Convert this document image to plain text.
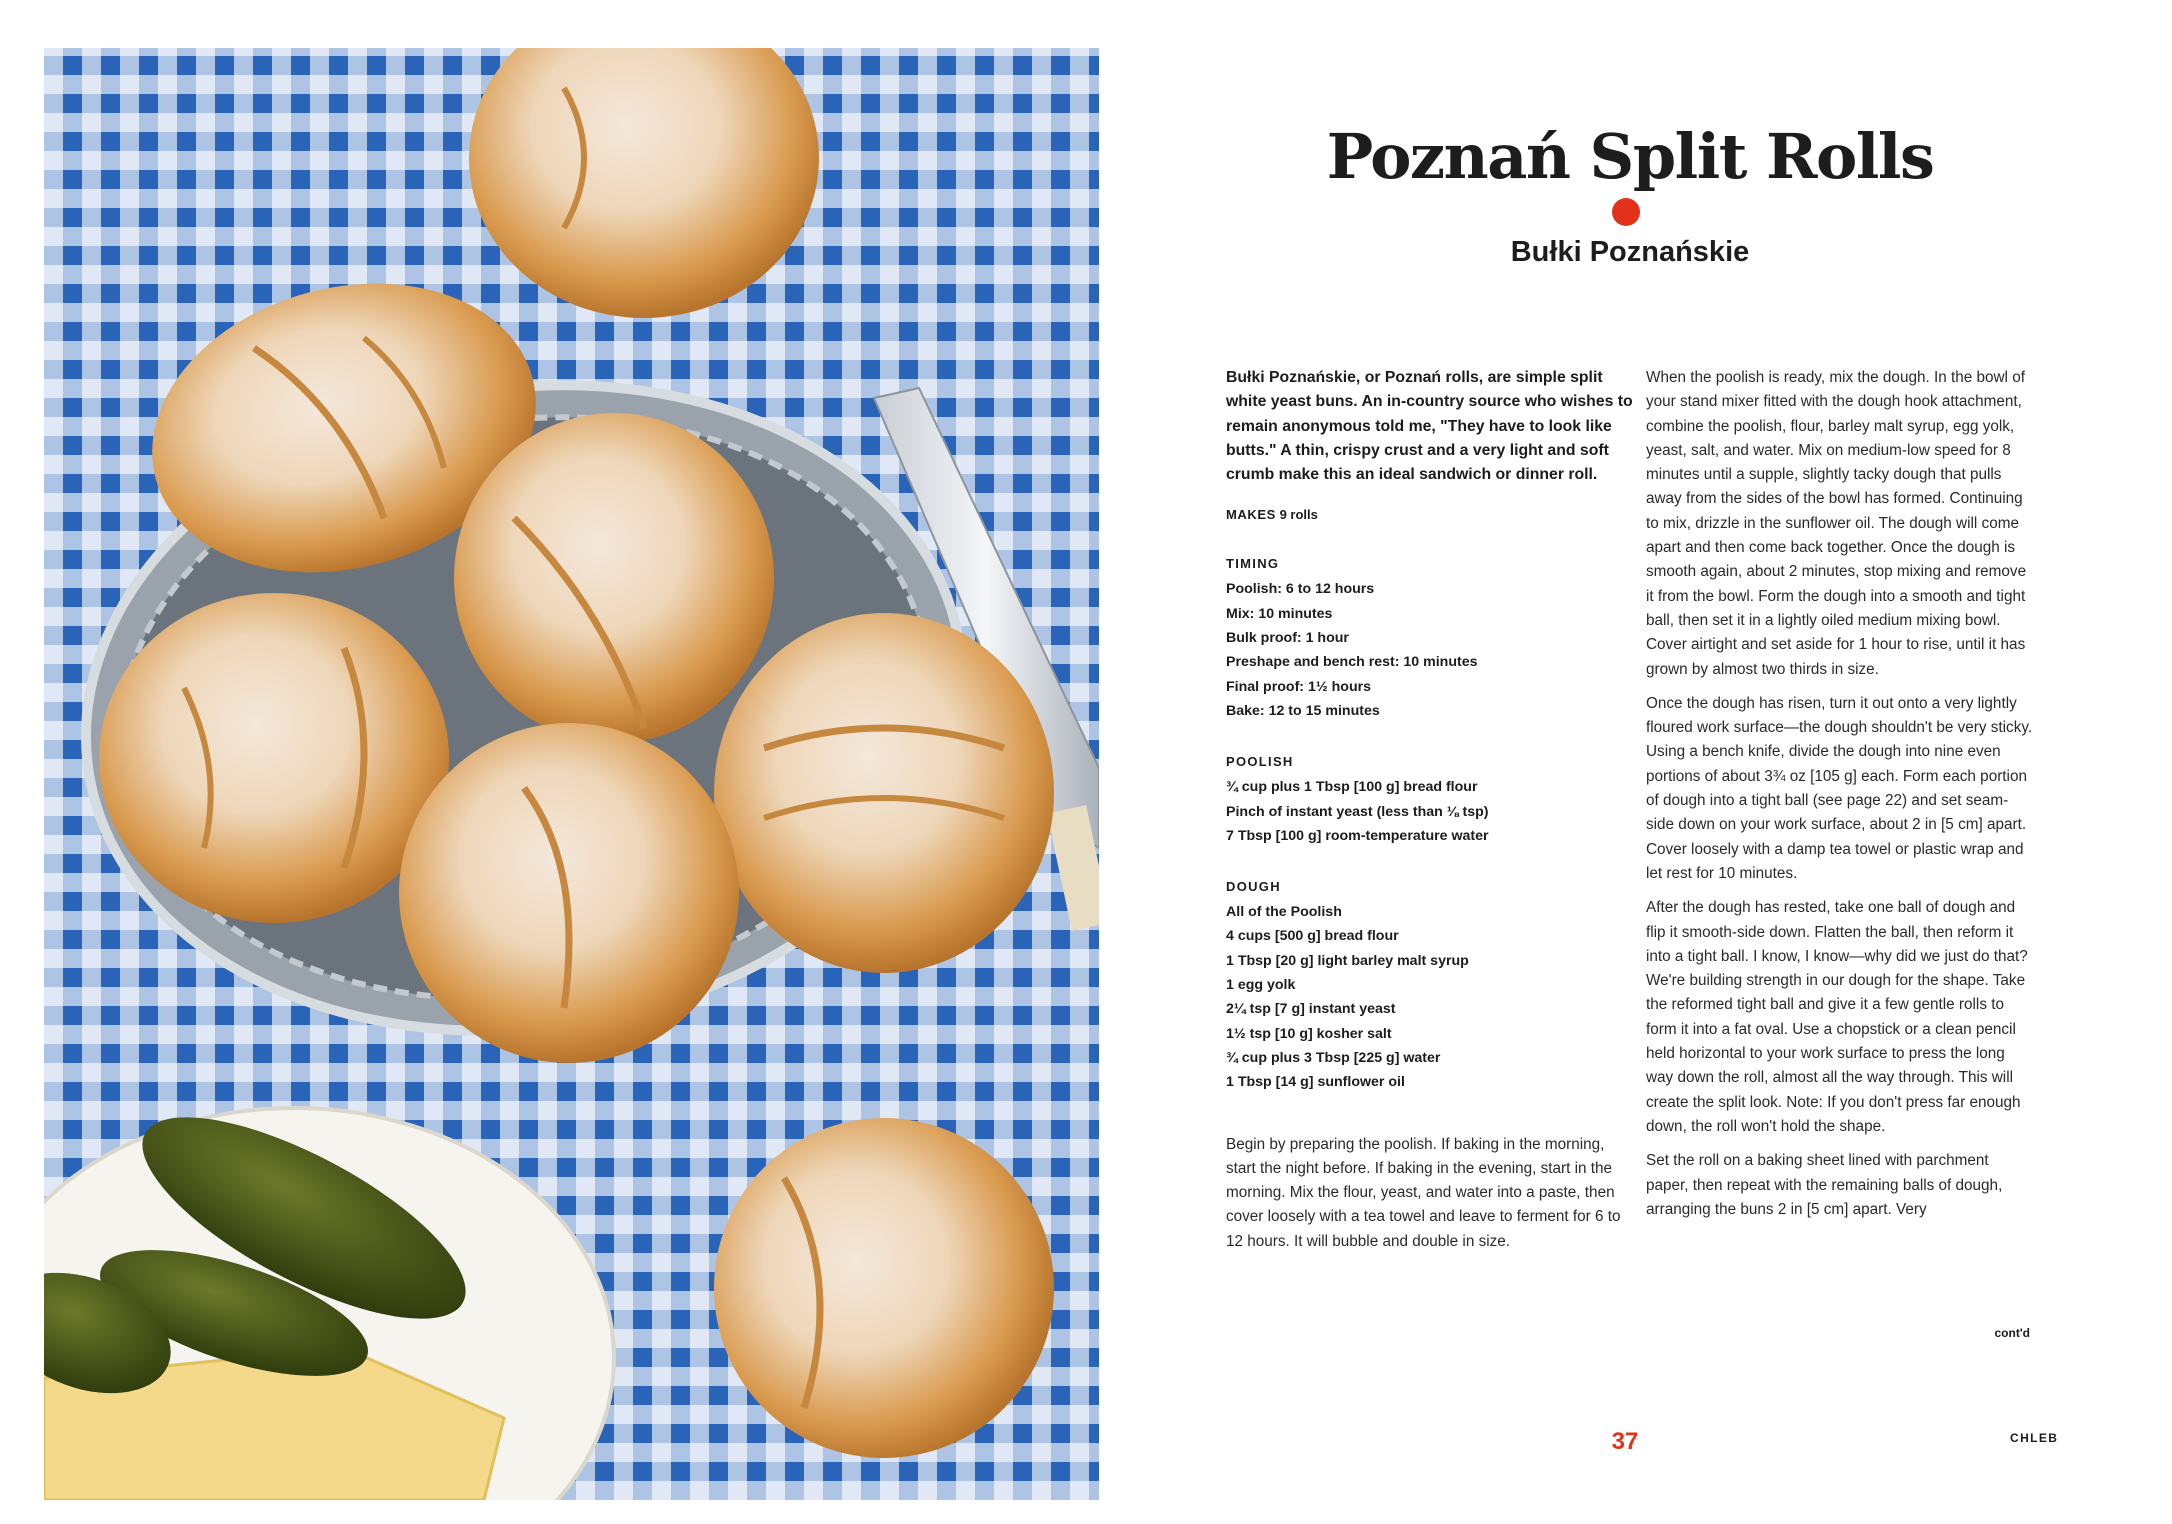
Poznań Split Rolls
Bułki Poznańskie

Bułki Poznańskie, or Poznań rolls, are simple split white yeast buns. An in-country source who wishes to remain anonymous told me, "They have to look like butts." A thin, crispy crust and a very light and soft crumb make this an ideal sandwich or dinner roll.

MAKES 9 rolls

TIMING
Poolish: 6 to 12 hours
Mix: 10 minutes
Bulk proof: 1 hour
Preshape and bench rest: 10 minutes
Final proof: 1½ hours
Bake: 12 to 15 minutes
POOLISH
¾ cup plus 1 Tbsp [100 g] bread flour
Pinch of instant yeast (less than ⅛ tsp)
7 Tbsp [100 g] room-temperature water
DOUGH
All of the Poolish
4 cups [500 g] bread flour
1 Tbsp [20 g] light barley malt syrup
1 egg yolk
2¼ tsp [7 g] instant yeast
1½ tsp [10 g] kosher salt
¾ cup plus 3 Tbsp [225 g] water
1 Tbsp [14 g] sunflower oil

Begin by preparing the poolish. If baking in the morning, start the night before. If baking in the evening, start in the morning. Mix the flour, yeast, and water into a paste, then cover loosely with a tea towel and leave to ferment for 6 to 12 hours. It will bubble and double in size.

When the poolish is ready, mix the dough. In the bowl of your stand mixer fitted with the dough hook attachment, combine the poolish, flour, barley malt syrup, egg yolk, yeast, salt, and water. Mix on medium-low speed for 8 minutes until a supple, slightly tacky dough that pulls away from the sides of the bowl has formed. Continuing to mix, drizzle in the sunflower oil. The dough will come apart and then come back together. Once the dough is smooth again, about 2 minutes, stop mixing and remove it from the bowl. Form the dough into a smooth and tight ball, then set it in a lightly oiled medium mixing bowl. Cover airtight and set aside for 1 hour to rise, until it has grown by almost two thirds in size.

Once the dough has risen, turn it out onto a very lightly floured work surface—the dough shouldn't be very sticky. Using a bench knife, divide the dough into nine even portions of about 3¾ oz [105 g] each. Form each portion of dough into a tight ball (see page 22) and set seam-side down on your work surface, about 2 in [5 cm] apart. Cover loosely with a damp tea towel or plastic wrap and let rest for 10 minutes.

After the dough has rested, take one ball of dough and flip it smooth-side down. Flatten the ball, then reform it into a tight ball. I know, I know—why did we just do that? We're building strength in our dough for the shape. Take the reformed tight ball and give it a few gentle rolls to form it into a fat oval. Use a chopstick or a clean pencil held horizontal to your work surface to press the long way down the roll, almost all the way through. This will create the split look. Note: If you don't press far enough down, the roll won't hold the shape.

Set the roll on a baking sheet lined with parchment paper, then repeat with the remaining balls of dough, arranging the buns 2 in [5 cm] apart. Very

cont'd
37	CHLEB
